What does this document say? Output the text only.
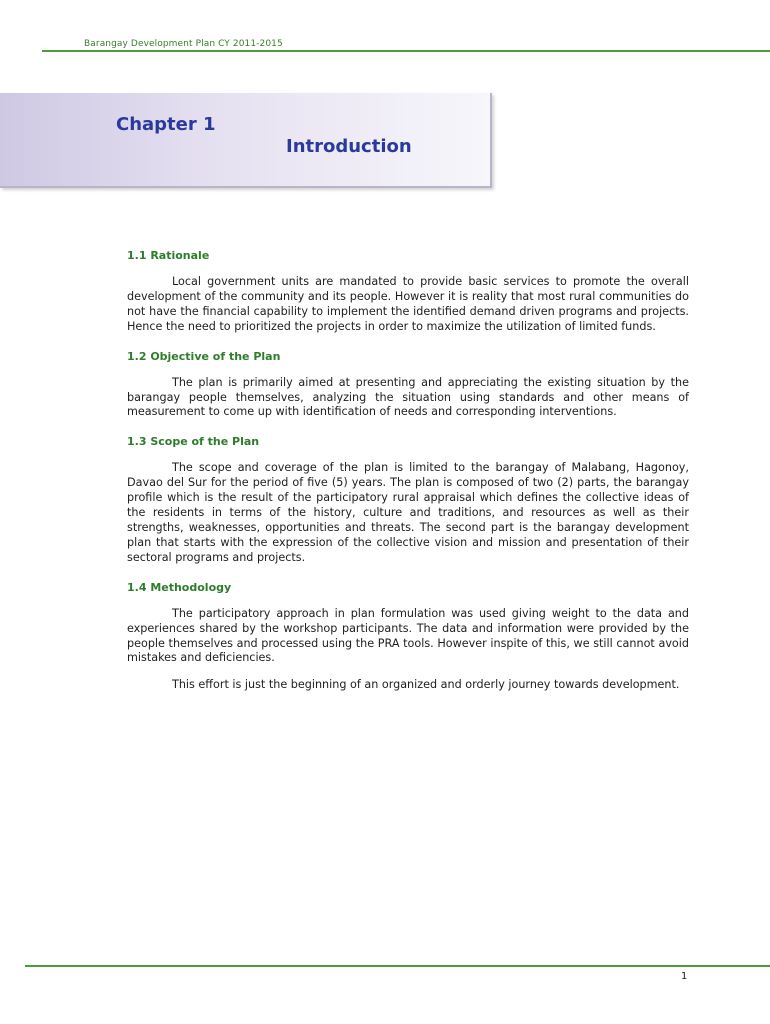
Barangay Development Plan CY 2011-2015
Chapter 1
Introduction
1.1 Rationale

Local government units are mandated to provide basic services to promote the overall development of the community and its people. However it is reality that most rural communities do not have the financial capability to implement the identified demand driven programs and projects. Hence the need to prioritized the projects in order to maximize the utilization of limited funds.

1.2 Objective of the Plan

The plan is primarily aimed at presenting and appreciating the existing situation by the barangay people themselves, analyzing the situation using standards and other means of measurement to come up with identification of needs and corresponding interventions.

1.3 Scope of the Plan

The scope and coverage of the plan is limited to the barangay of Malabang, Hagonoy, Davao del Sur for the period of five (5) years. The plan is composed of two (2) parts, the barangay profile which is the result of the participatory rural appraisal which defines the collective ideas of the residents in terms of the history, culture and traditions, and resources as well as their strengths, weaknesses, opportunities and threats. The second part is the barangay development plan that starts with the expression of the collective vision and mission and presentation of their sectoral programs and projects.

1.4 Methodology

The participatory approach in plan formulation was used giving weight to the data and experiences shared by the workshop participants. The data and information were provided by the people themselves and processed using the PRA tools. However inspite of this, we still cannot avoid mistakes and deficiencies.

This effort is just the beginning of an organized and orderly journey towards development.

1
